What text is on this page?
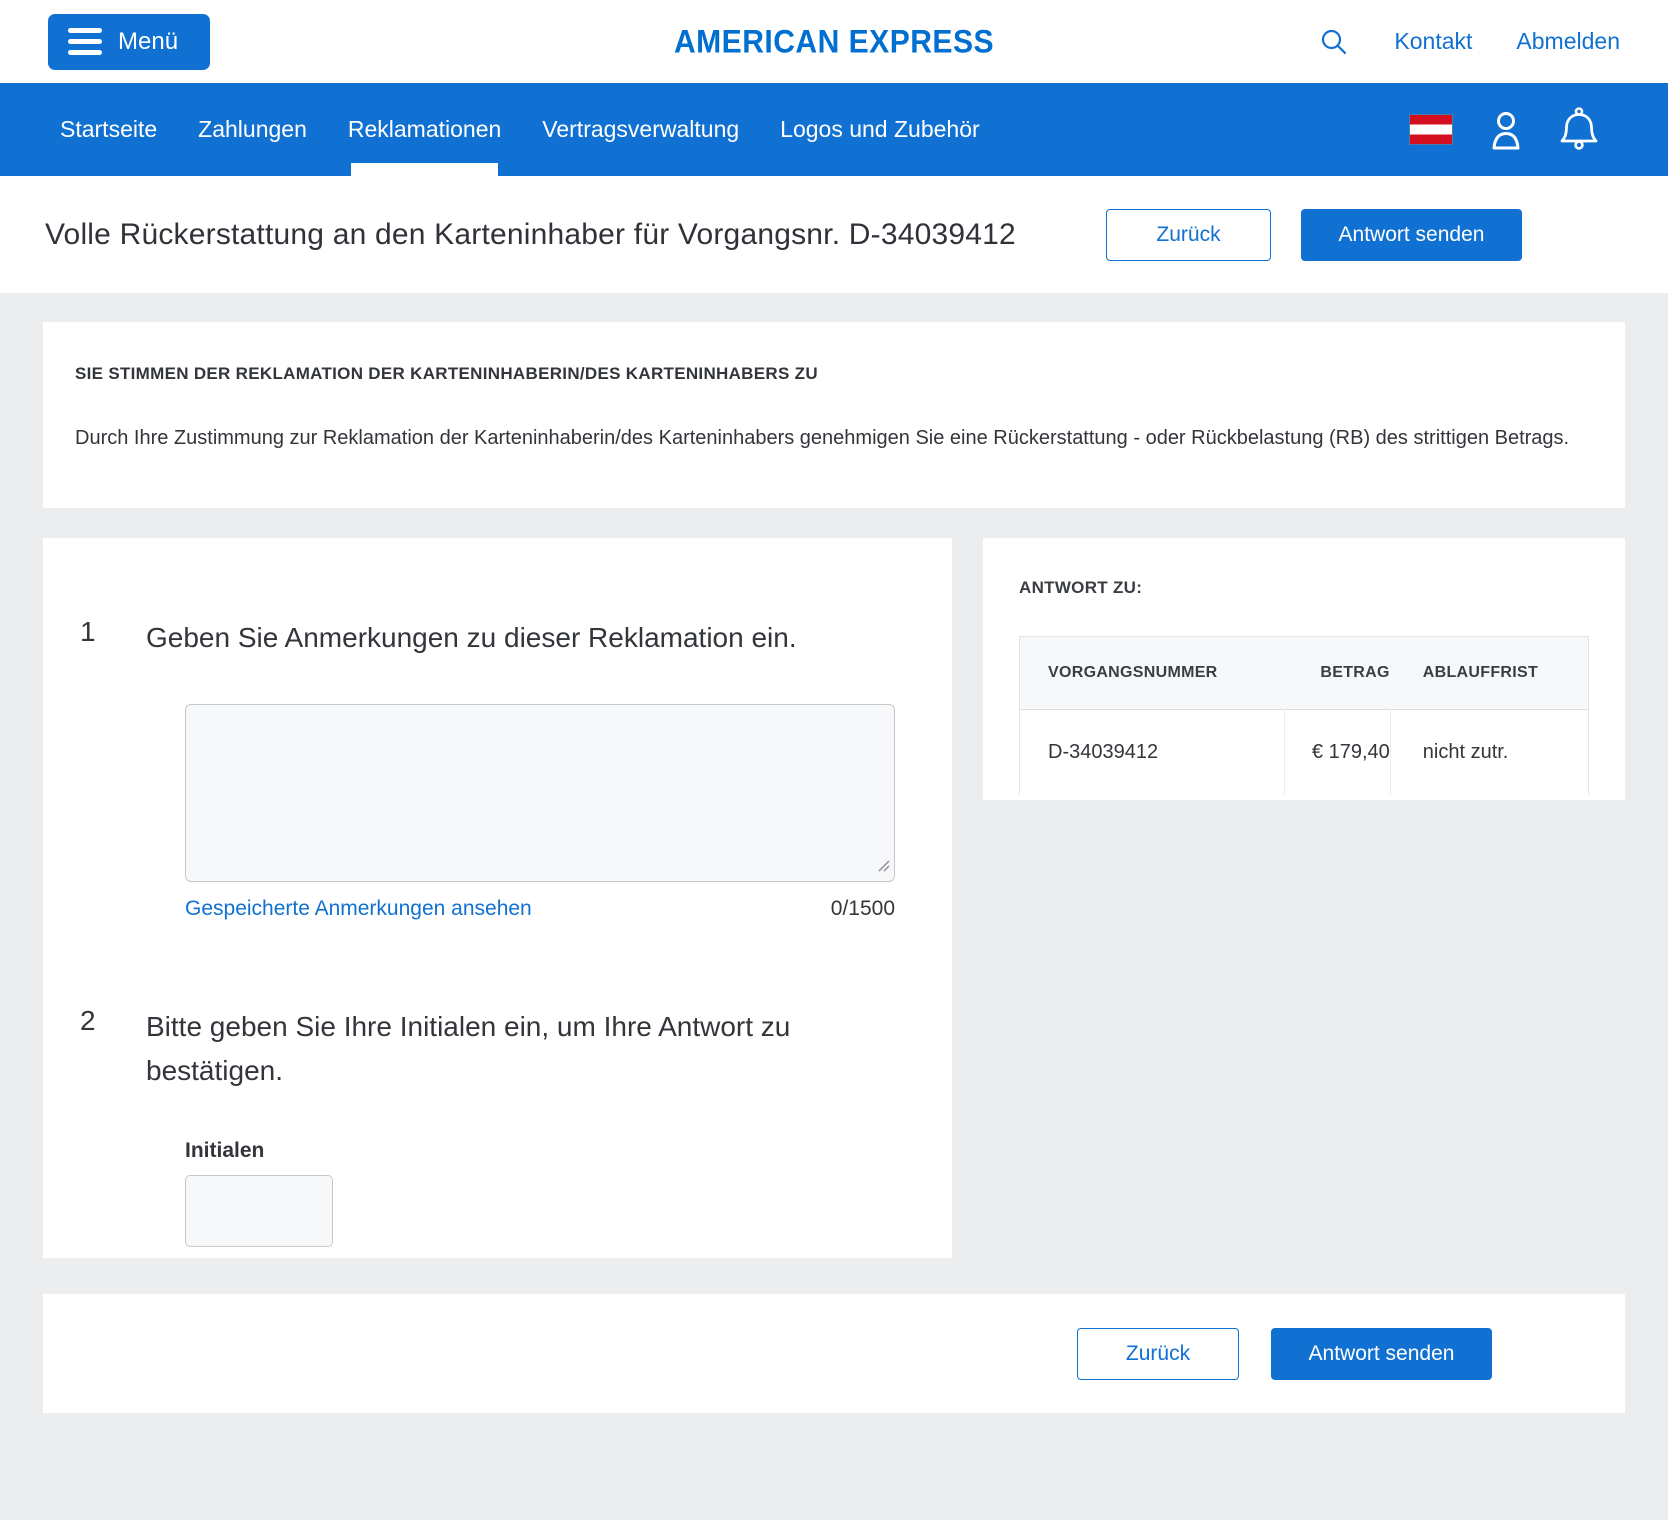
Menü	AMERICAN EXPRESS	Kontakt Abmelden
Startseite Zahlungen Reklamationen Vertragsverwaltung Logos und Zubehör
Volle Rückerstattung an den Karteninhaber für Vorgangsnr. D-34039412	Zurück	Antwort senden
SIE STIMMEN DER REKLAMATION DER KARTENINHABERIN/DES KARTENINHABERS ZU

Durch Ihre Zustimmung zur Reklamation der Karteninhaberin/des Karteninhabers genehmigen Sie eine Rückerstattung - oder Rückbelastung (RB) des strittigen Betrags.

1	Geben Sie Anmerkungen zu dieser Reklamation ein.
Gespeicherte Anmerkungen ansehen	0/1500
2	Bitte geben Sie Ihre Initialen ein, um Ihre Antwort zu bestätigen.
Initialen
ANTWORT ZU:
VORGANGSNUMMER	BETRAG	ABLAUFFRIST
D-34039412	€ 179,40	nicht zutr.
Zurück	Antwort senden
